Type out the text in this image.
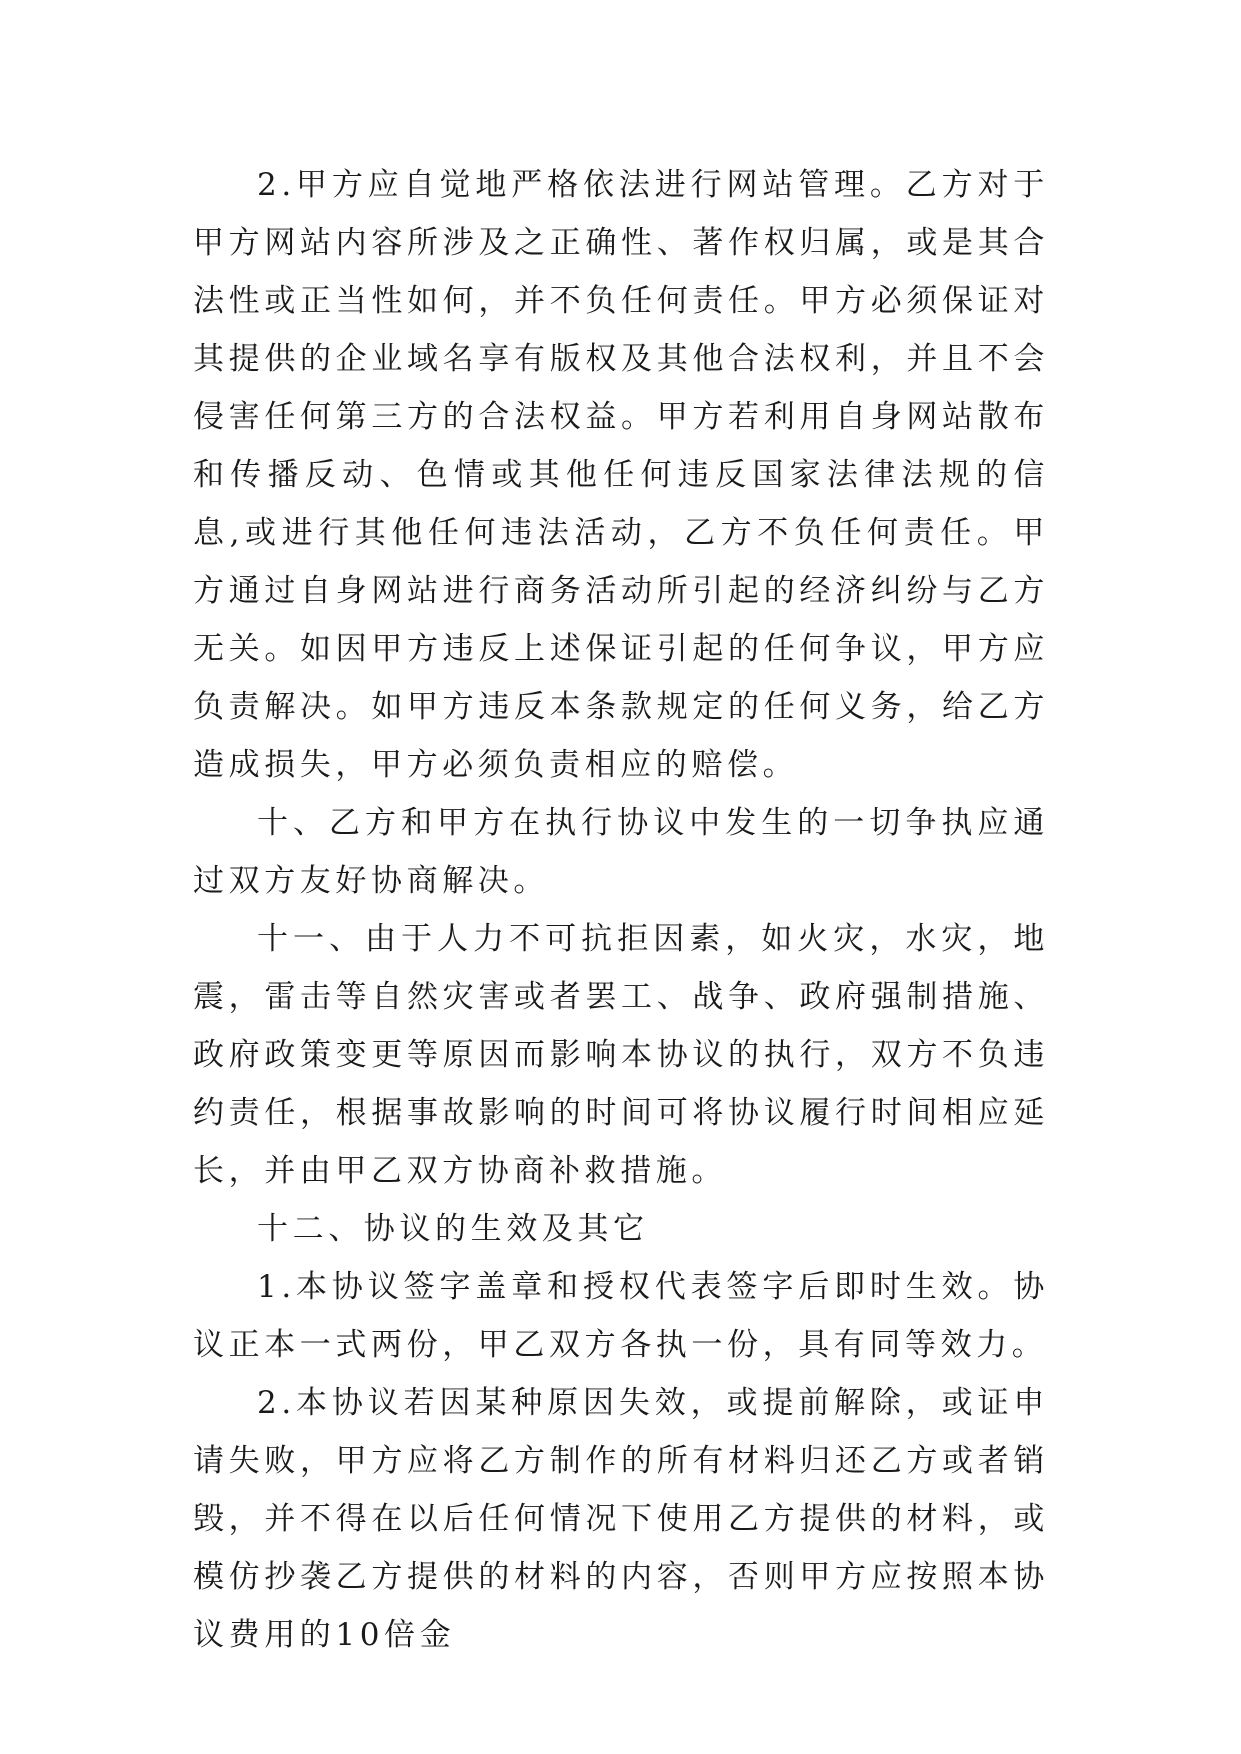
2.甲方应自觉地严格依法进行网站管理。乙方对于甲方网站内容所涉及之正确性、著作权归属，或是其合法性或正当性如何，并不负任何责任。甲方必须保证对其提供的企业域名享有版权及其他合法权利，并且不会侵害任何第三方的合法权益。甲方若利用自身网站散布和传播反动、色情或其他任何违反国家法律法规的信息,或进行其他任何违法活动，乙方不负任何责任。甲方通过自身网站进行商务活动所引起的经济纠纷与乙方无关。如因甲方违反上述保证引起的任何争议，甲方应负责解决。如甲方违反本条款规定的任何义务，给乙方造成损失，甲方必须负责相应的赔偿。

十、乙方和甲方在执行协议中发生的一切争执应通过双方友好协商解决。

十一、由于人力不可抗拒因素，如火灾，水灾，地震，雷击等自然灾害或者罢工、战争、政府强制措施、政府政策变更等原因而影响本协议的执行，双方不负违约责任，根据事故影响的时间可将协议履行时间相应延长，并由甲乙双方协商补救措施。

十二、协议的生效及其它

1.本协议签字盖章和授权代表签字后即时生效。协议正本一式两份，甲乙双方各执一份，具有同等效力。

2.本协议若因某种原因失效，或提前解除，或证申请失败，甲方应将乙方制作的所有材料归还乙方或者销毁，并不得在以后任何情况下使用乙方提供的材料，或模仿抄袭乙方提供的材料的内容，否则甲方应按照本协议费用的10倍金
